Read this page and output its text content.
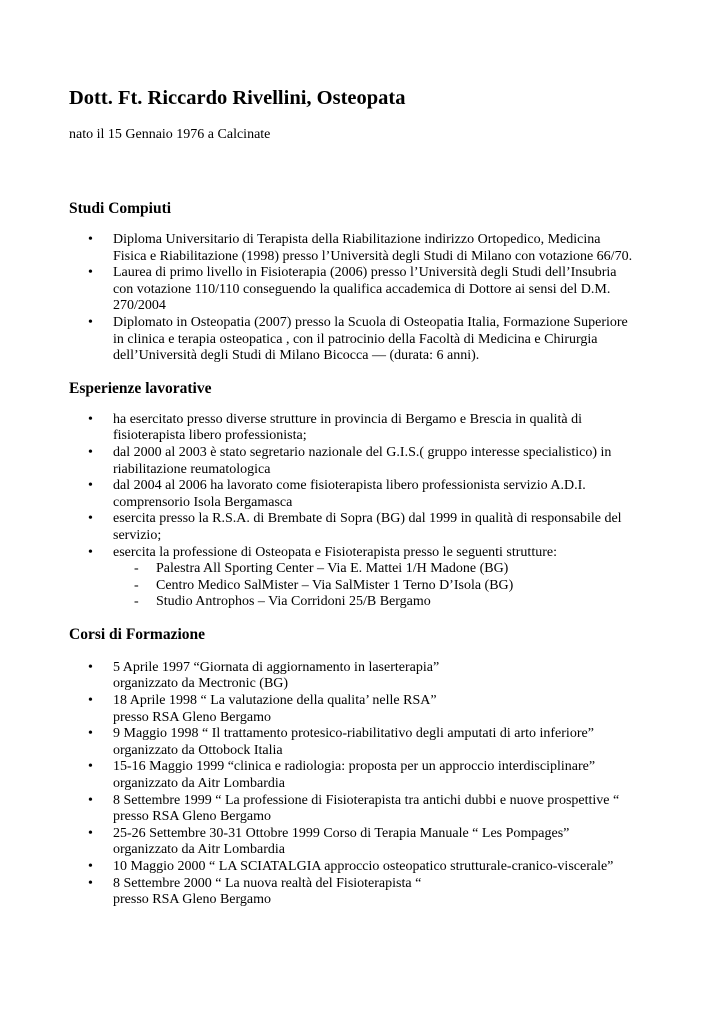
Dott. Ft. Riccardo Rivellini, Osteopata
nato il 15 Gennaio 1976 a Calcinate
Studi Compiuti
• Diploma Universitario di Terapista della Riabilitazione indirizzo Ortopedico, Medicina
Fisica e Riabilitazione (1998) presso l’Università degli Studi di Milano con votazione 66/70.
• Laurea di primo livello in Fisioterapia (2006) presso l’Università degli Studi dell’Insubria
con votazione 110/110 conseguendo la qualifica accademica di Dottore ai sensi del D.M.
270/2004
• Diplomato in Osteopatia (2007) presso la Scuola di Osteopatia Italia, Formazione Superiore
in clinica e terapia osteopatica , con il patrocinio della Facoltà di Medicina e Chirurgia
dell’Università degli Studi di Milano Bicocca — (durata: 6 anni).
Esperienze lavorative
• ha esercitato presso diverse strutture in provincia di Bergamo e Brescia in qualità di
fisioterapista libero professionista;
• dal 2000 al 2003 è stato segretario nazionale del G.I.S.( gruppo interesse specialistico) in
riabilitazione reumatologica
• dal 2004 al 2006 ha lavorato come fisioterapista libero professionista servizio A.D.I.
comprensorio Isola Bergamasca
• esercita presso la R.S.A. di Brembate di Sopra (BG) dal 1999 in qualità di responsabile del
servizio;
• esercita la professione di Osteopata e Fisioterapista presso le seguenti strutture:
- Palestra All Sporting Center – Via E. Mattei 1/H Madone (BG)
- Centro Medico SalMister – Via SalMister 1 Terno D’Isola (BG)
- Studio Antrophos – Via Corridoni 25/B Bergamo
Corsi di Formazione
• 5 Aprile 1997 “Giornata di aggiornamento in laserterapia”
organizzato da Mectronic (BG)
• 18 Aprile 1998 “ La valutazione della qualita’ nelle RSA”
presso RSA Gleno Bergamo
• 9 Maggio 1998 “ Il trattamento protesico-riabilitativo degli amputati di arto inferiore”
organizzato da Ottobock Italia
• 15-16 Maggio 1999 “clinica e radiologia: proposta per un approccio interdisciplinare”
organizzato da Aitr Lombardia
• 8 Settembre 1999 “ La professione di Fisioterapista tra antichi dubbi e nuove prospettive “
presso RSA Gleno Bergamo
• 25-26 Settembre 30-31 Ottobre 1999 Corso di Terapia Manuale “ Les Pompages”
organizzato da Aitr Lombardia
• 10 Maggio 2000 “ LA SCIATALGIA approccio osteopatico strutturale-cranico-viscerale”
• 8 Settembre 2000 “ La nuova realtà del Fisioterapista “
presso RSA Gleno Bergamo
